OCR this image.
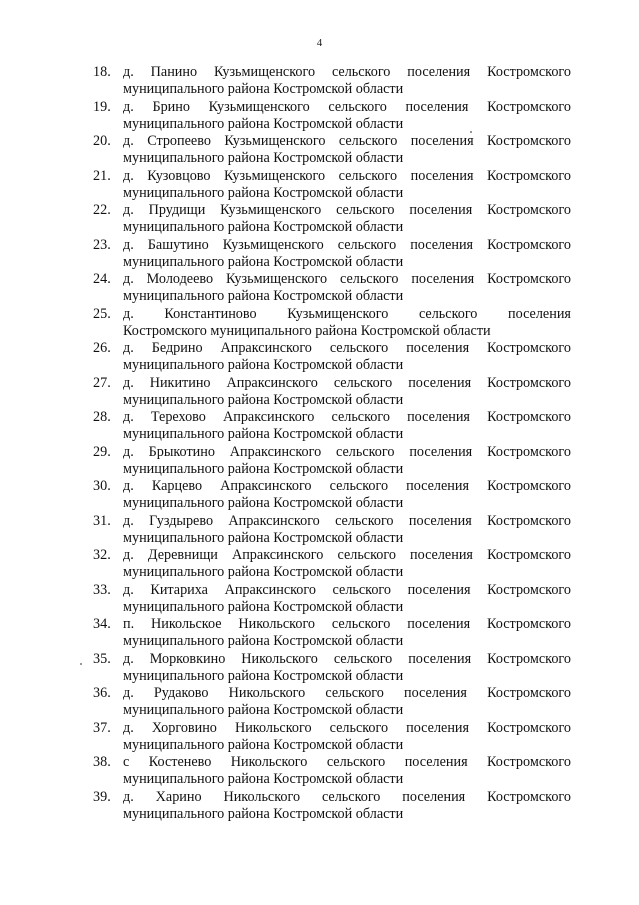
4
18. д. Панино Кузьмищенского сельского поселения Костромского
муниципального района Костромской области
19. д. Брино Кузьмищенского сельского поселения Костромского
муниципального района Костромской области
20. д. Стропеево Кузьмищенского сельского поселения Костромского
муниципального района Костромской области
21. д. Кузовцово Кузьмищенского сельского поселения Костромского
муниципального района Костромской области
22. д. Прудищи Кузьмищенского сельского поселения Костромского
муниципального района Костромской области
23. д. Башутино Кузьмищенского сельского поселения Костромского
муниципального района Костромской области
24. д. Молодеево Кузьмищенского сельского поселения Костромского
муниципального района Костромской области
25. д. Константиново Кузьмищенского сельского поселения
Костромского муниципального района Костромской области
26. д. Бедрино Апраксинского сельского поселения Костромского
муниципального района Костромской области
27. д. Никитино Апраксинского сельского поселения Костромского
муниципального района Костромской области
28. д. Терехово Апраксинского сельского поселения Костромского
муниципального района Костромской области
29. д. Брыкотино Апраксинского сельского поселения Костромского
муниципального района Костромской области
30. д. Карцево Апраксинского сельского поселения Костромского
муниципального района Костромской области
31. д. Гуздырево Апраксинского сельского поселения Костромского
муниципального района Костромской области
32. д. Деревнищи Апраксинского сельского поселения Костромского
муниципального района Костромской области
33. д. Китариха Апраксинского сельского поселения Костромского
муниципального района Костромской области
34. п. Никольское Никольского сельского поселения Костромского
муниципального района Костромской области
35. д. Морковкино Никольского сельского поселения Костромского
муниципального района Костромской области
36. д. Рудаково Никольского сельского поселения Костромского
муниципального района Костромской области
37. д. Хорговино Никольского сельского поселения Костромского
муниципального района Костромской области
38. с Костенево Никольского сельского поселения Костромского
муниципального района Костромской области
39. д. Харино Никольского сельского поселения Костромского
муниципального района Костромской области
